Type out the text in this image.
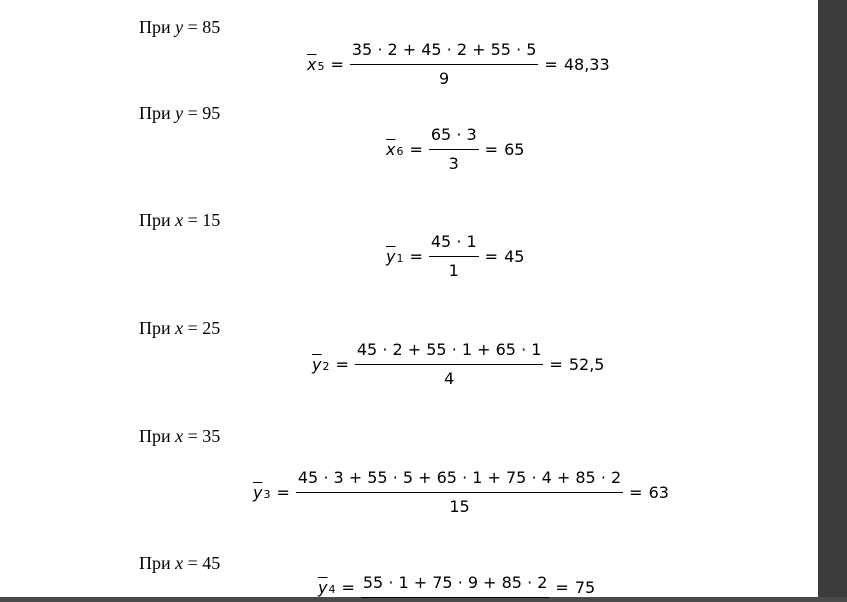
При y = 85
$\overline{x}$ $5 = \frac{35 \cdot 2 + 45 \cdot 2 + 55 \cdot 5}{9} = 48,33$
При y = 95
$\overline{x}$ $6 = \frac{65 \cdot 3}{3} = 65$
При x = 15
$\overline{y}$ $1 = \frac{45 \cdot 1}{1} = 45$
При x = 25
$\overline{y}$ $2 = \frac{45 \cdot 2 + 55 \cdot 1 + 65 \cdot 1}{4} = 52,5$
При x = 35
$\overline{y}$ $3 = \frac{45 \cdot 3 + 55 \cdot 5 + 65 \cdot 1 + 75 \cdot 4 + 85 \cdot 2}{15} = 63$
При x = 45
$\overline{y}$ 4 = 55 · 1 + 75 · 9 + 85 · 2 = 75
